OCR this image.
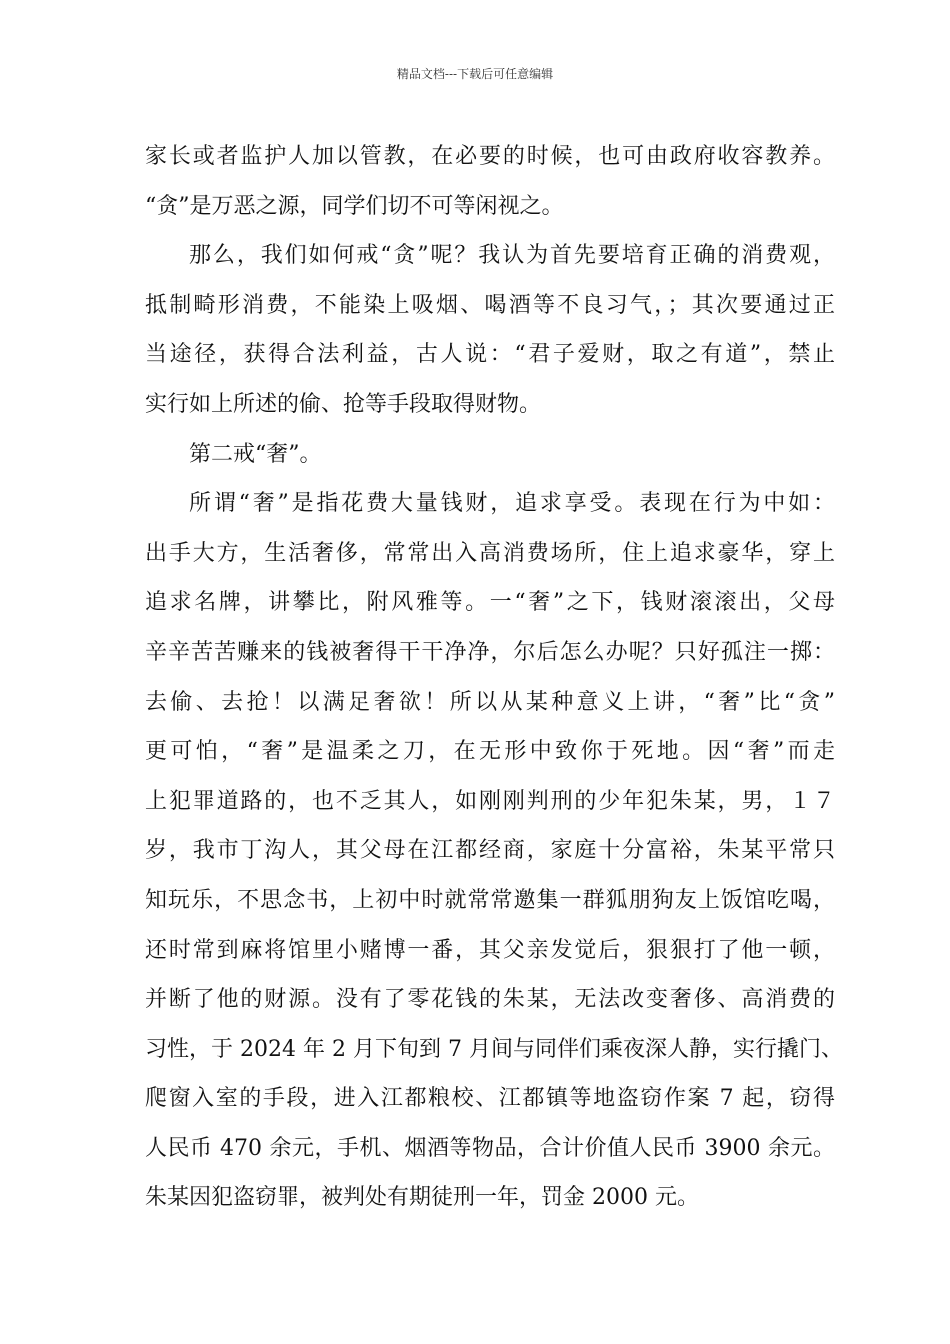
精品文档---下载后可任意编辑
家长或者监护人加以管教，在必要的时候，也可由政府收容教养。
“贪”是万恶之源，同学们切不可等闲视之。
那么，我们如何戒“贪”呢？我认为首先要培育正确的消费观，
抵制畸形消费，不能染上吸烟、喝酒等不良习气，；其次要通过正
当途径，获得合法利益，古人说：“君子爱财，取之有道”，禁止
实行如上所述的偷、抢等手段取得财物。
第二戒“奢”。
所谓“奢”是指花费大量钱财，追求享受。表现在行为中如：
出手大方，生活奢侈，常常出入高消费场所，住上追求豪华，穿上
追求名牌，讲攀比，附风雅等。一“奢”之下，钱财滚滚出，父母
辛辛苦苦赚来的钱被奢得干干净净，尔后怎么办呢？只好孤注一掷：
去偷、去抢！以满足奢欲！所以从某种意义上讲，“奢”比“贪”
更可怕，“奢”是温柔之刀，在无形中致你于死地。因“奢”而走
上犯罪道路的，也不乏其人，如刚刚判刑的少年犯朱某，男，１７
岁，我市丁沟人，其父母在江都经商，家庭十分富裕，朱某平常只
知玩乐，不思念书，上初中时就常常邀集一群狐朋狗友上饭馆吃喝，
还时常到麻将馆里小赌博一番，其父亲发觉后，狠狠打了他一顿，
并断了他的财源。没有了零花钱的朱某，无法改变奢侈、高消费的
习性，于 2024 年 2 月下旬到 7 月间与同伴们乘夜深人静，实行撬门、
爬窗入室的手段，进入江都粮校、江都镇等地盗窃作案 7 起，窃得
人民币 470 余元，手机、烟酒等物品，合计价值人民币 3900 余元。
朱某因犯盗窃罪，被判处有期徒刑一年，罚金 2000 元。
